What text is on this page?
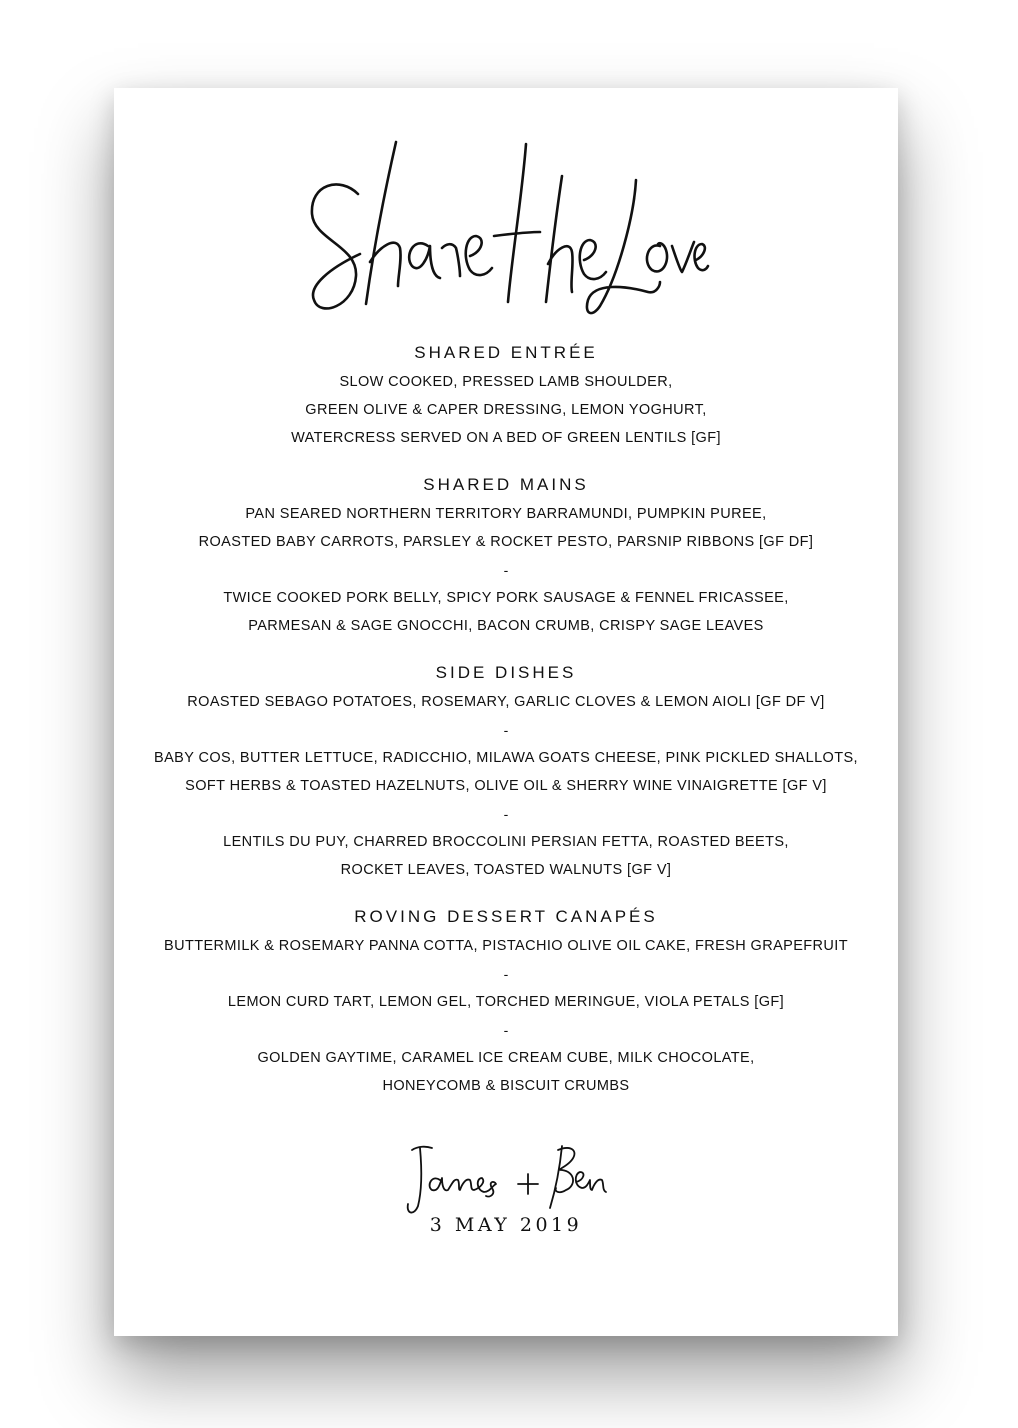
SHARED ENTRÉE

SLOW COOKED, PRESSED LAMB SHOULDER,

GREEN OLIVE & CAPER DRESSING, LEMON YOGHURT,

WATERCRESS SERVED ON A BED OF GREEN LENTILS [GF]

SHARED MAINS

PAN SEARED NORTHERN TERRITORY BARRAMUNDI, PUMPKIN PUREE,

ROASTED BABY CARROTS, PARSLEY & ROCKET PESTO, PARSNIP RIBBONS [GF DF]

-

TWICE COOKED PORK BELLY, SPICY PORK SAUSAGE & FENNEL FRICASSEE,

PARMESAN & SAGE GNOCCHI, BACON CRUMB, CRISPY SAGE LEAVES

SIDE DISHES

ROASTED SEBAGO POTATOES, ROSEMARY, GARLIC CLOVES & LEMON AIOLI [GF DF V]

-

BABY COS, BUTTER LETTUCE, RADICCHIO, MILAWA GOATS CHEESE, PINK PICKLED SHALLOTS,

SOFT HERBS & TOASTED HAZELNUTS, OLIVE OIL & SHERRY WINE VINAIGRETTE [GF V]

-

LENTILS DU PUY, CHARRED BROCCOLINI PERSIAN FETTA, ROASTED BEETS,

ROCKET LEAVES, TOASTED WALNUTS [GF V]

ROVING DESSERT CANAPÉS

BUTTERMILK & ROSEMARY PANNA COTTA, PISTACHIO OLIVE OIL CAKE, FRESH GRAPEFRUIT

-

LEMON CURD TART, LEMON GEL, TORCHED MERINGUE, VIOLA PETALS [GF]

-

GOLDEN GAYTIME, CARAMEL ICE CREAM CUBE, MILK CHOCOLATE,

HONEYCOMB & BISCUIT CRUMBS

3 MAY 2019
